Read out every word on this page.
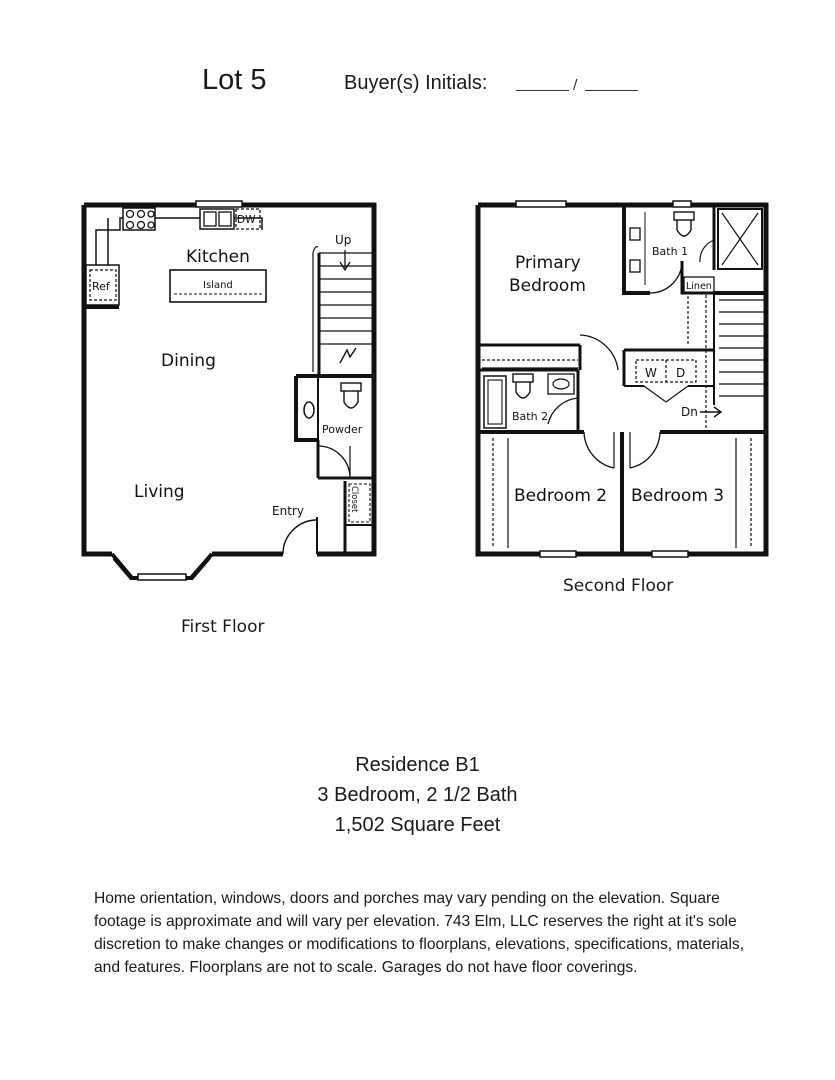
Lot 5	Buyer(s) Initials:	/
Kitchen
Island
DW
Ref
Up
Dining
Powder
Living
Entry	Closet
Primary
Bedroom
Bath 1
Linen
W D
Dn
Bath 2
Bedroom 2 Bedroom 3
First Floor
Second Floor
Residence B1
3 Bedroom, 2 1/2 Bath
1,502 Square Feet
Home orientation, windows, doors and porches may vary pending on the elevation. Square footage is approximate and will vary per elevation. 743 Elm, LLC reserves the right at it's sole discretion to make changes or modifications to floorplans, elevations, specifications, materials, and features. Floorplans are not to scale. Garages do not have floor coverings.
